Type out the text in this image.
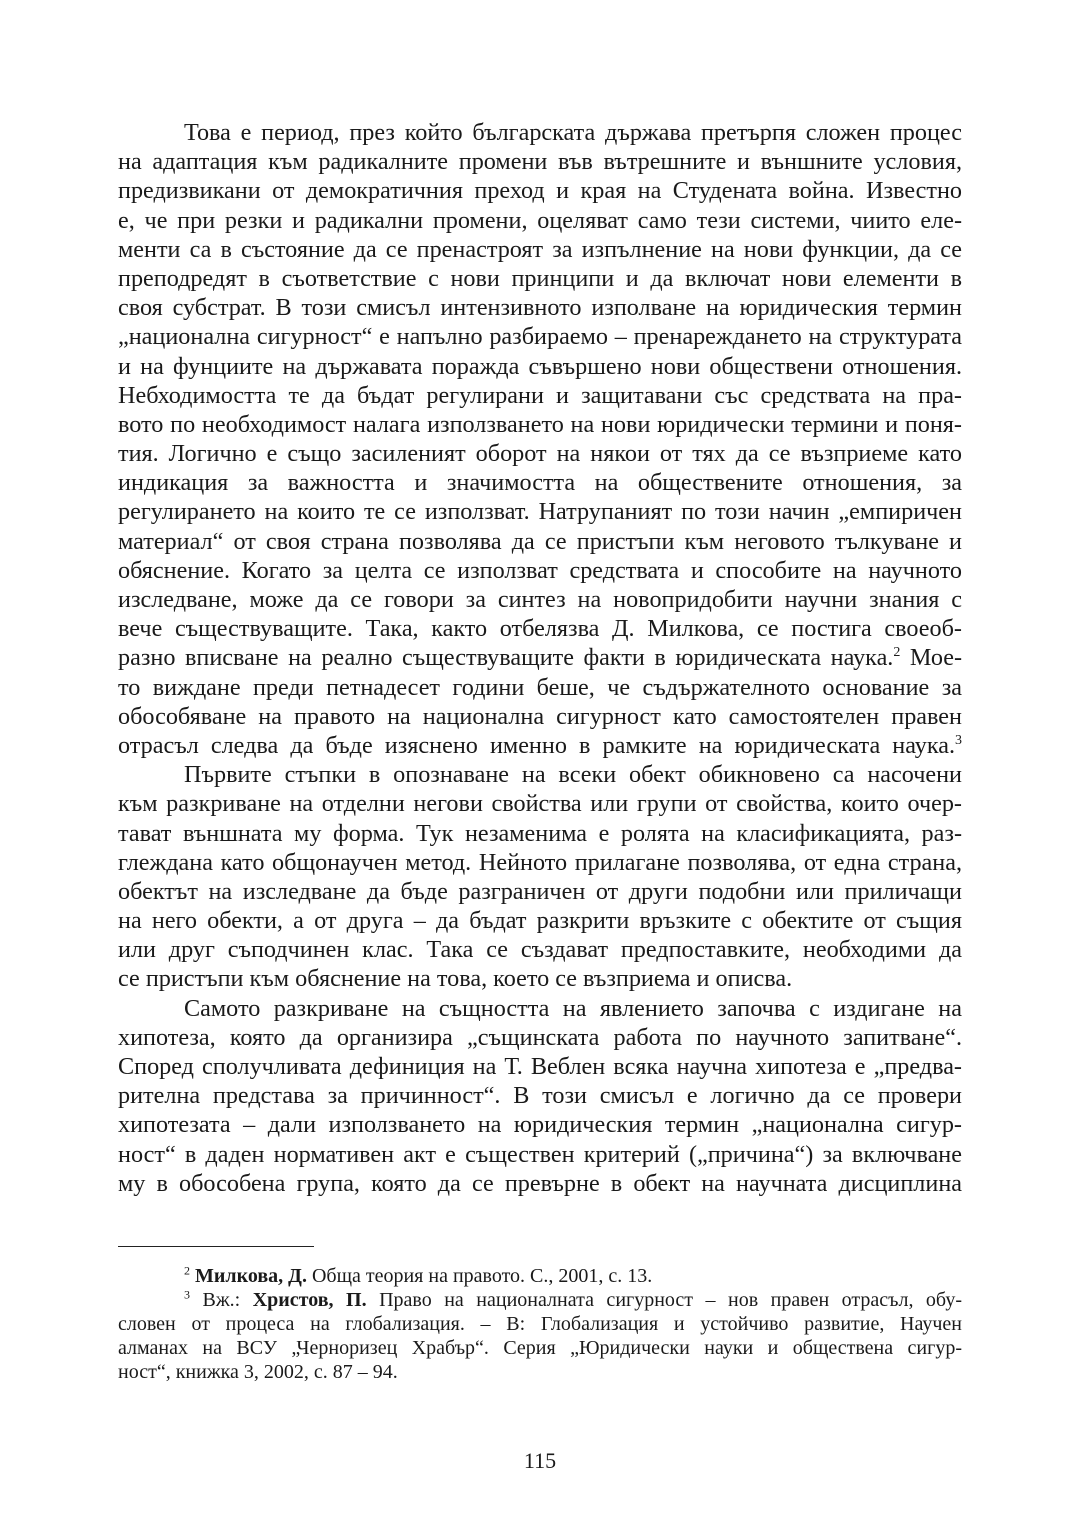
Това е период, през който българската държава претърпя сложен процес
на адаптация към радикалните промени във вътрешните и външните условия,
предизвикани от демократичния преход и края на Студената война. Известно
е, че при резки и радикални промени, оцеляват само тези системи, чиито еле-
менти са в състояние да се пренастроят за изпълнение на нови функции, да се
преподредят в съответствие с нови принципи и да включат нови елементи в
своя субстрат. В този смисъл интензивното изполване на юридическия термин
„национална сигурност“ е напълно разбираемо – пренареждането на структурата
и на фунциите на държавата поражда съвършено нови обществени отношения.
Небходимостта те да бъдат регулирани и защитавани със средствата на пра-
вото по необходимост налага използването на нови юридически термини и поня-
тия. Логично е също засиленият оборот на някои от тях да се възприеме като
индикация за важността и значимостта на обществените отношения, за
регулирането на които те се използват. Натрупаният по този начин „емпиричен
материал“ от своя страна позволява да се пристъпи към неговото тълкуване и
обяснение. Когато за целта се използват средствата и способите на научното
изследване, може да се говори за синтез на новопридобити научни знания с
вече съществуващите. Така, както отбелязва Д. Милкова, се постига своеоб-
разно вписване на реално съществуващите факти в юридическата наука.$^2$ Мое-
то виждане преди петнадесет години беше, че съдържателното основание за
обособяване на правото на национална сигурност като самостоятелен правен
отрасъл следва да бъде изяснено именно в рамките на юридическата наука.$^3$
Първите стъпки в опознаване на всеки обект обикновено са насочени
към разкриване на отделни негови свойства или групи от свойства, които очер-
тават външната му форма. Тук незаменима е ролята на класификацията, раз-
глеждана като общонаучен метод. Нейното прилагане позволява, от една страна,
обектът на изследване да бъде разграничен от други подобни или приличащи
на него обекти, а от друга – да бъдат разкрити връзките с обектите от същия
или друг съподчинен клас. Така се създават предпоставките, необходими да
се пристъпи към обяснение на това, което се възприема и описва.
Самото разкриване на същността на явлението започва с издигане на
хипотеза, която да организира „същинската работа по научното запитване“.
Според сполучливата дефиниция на Т. Веблен всяка научна хипотеза е „предва-
рителна представа за причинност“. В този смисъл е логично да се провери
хипотезата – дали използването на юридическия термин „национална сигур-
ност“ в даден нормативен акт е съществен критерий („причина“) за включване
му в обособена група, която да се превърне в обект на научната дисциплина
$^2$ Милкова, Д. Обща теория на правото. С., 2001, с. 13.
$^3$ Вж.: Христов, П. Право на националната сигурност – нов правен отрасъл, обу-
словен от процеса на глобализация. – В: Глобализация и устойчиво развитие, Научен
алманах на ВСУ „Черноризец Храбър“. Серия „Юридически науки и обществена сигур-
ност“, книжка 3, 2002, с. 87 – 94.
115
